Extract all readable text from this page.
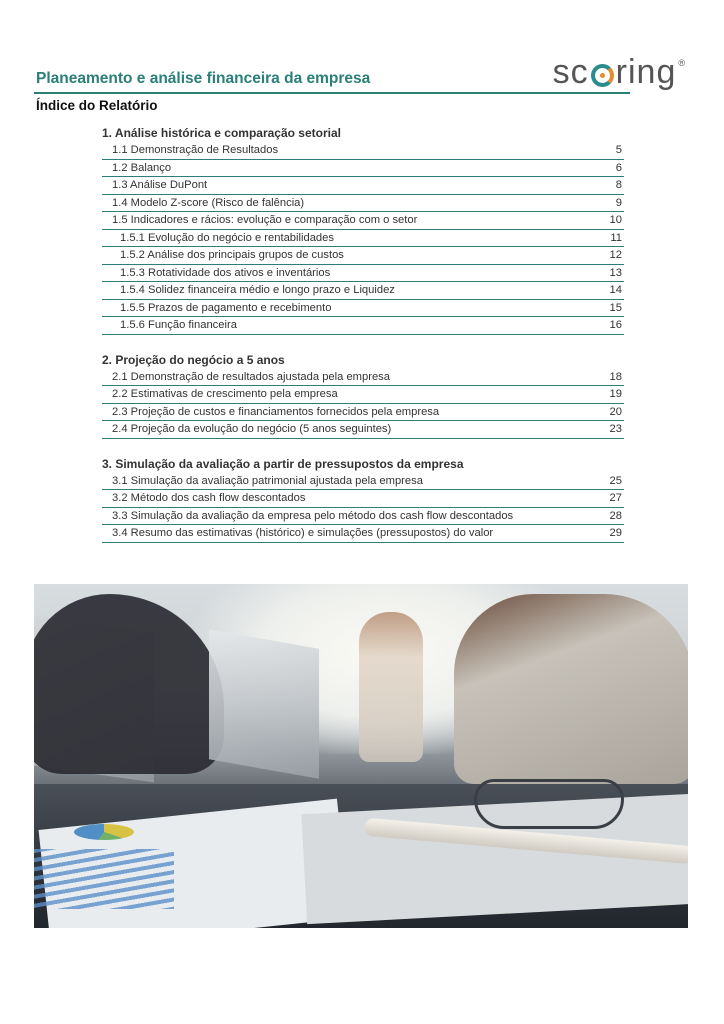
Planeamento e análise financeira da empresa	sc ring ®
Índice do Relatório
1. Análise histórica e comparação setorial
1.1 Demonstração de Resultados	5
1.2 Balanço	6
1.3 Análise DuPont	8
1.4 Modelo Z-score (Risco de falência)	9
1.5 Indicadores e rácios: evolução e comparação com o setor	10
1.5.1 Evolução do negócio e rentabilidades	11
1.5.2 Análise dos principais grupos de custos	12
1.5.3 Rotatividade dos ativos e inventários	13
1.5.4 Solidez financeira médio e longo prazo e Liquidez	14
1.5.5 Prazos de pagamento e recebimento	15
1.5.6 Função financeira	16
2. Projeção do negócio a 5 anos
2.1 Demonstração de resultados ajustada pela empresa	18
2.2 Estimativas de crescimento pela empresa	19
2.3 Projeção de custos e financiamentos fornecidos pela empresa	20
2.4 Projeção da evolução do negócio (5 anos seguintes)	23
3. Simulação da avaliação a partir de pressupostos da empresa
3.1 Simulação da avaliação patrimonial ajustada pela empresa	25
3.2 Método dos cash flow descontados	27
3.3 Simulação da avaliação da empresa pelo método dos cash flow descontados	28
3.4 Resumo das estimativas (histórico) e simulações (pressupostos) do valor	29
